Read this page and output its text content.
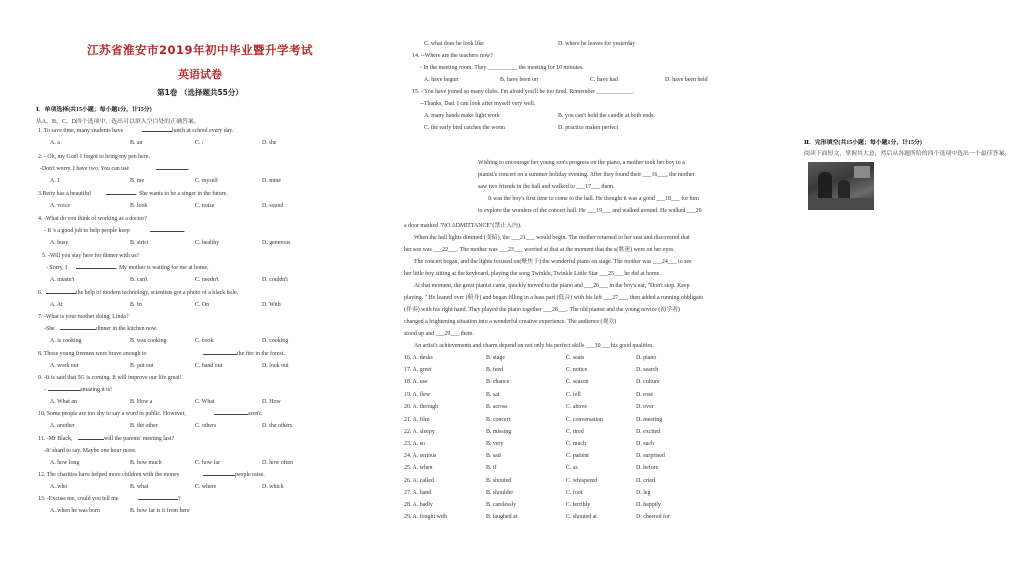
江苏省淮安市2019年初中毕业暨升学考试
英语试卷
第1卷 （选择题共55分）
Ⅰ．单项选择(共15小题；每小题1分，计15分)
从A、B、C、D四个选项中，选出可以填入空白处的正确答案。
1. To save time, many students have
2. - Oh, my God! I forgot to bring my pen here.
-Don't worry. I have two. You can use
3.Betty has a beautiful
4. -What do you think of working as a doctor?
- It 's a good job to help people keep
5. -Will you stay here for dinner with us?
- Sorry, I
6.
7. -What is your mother doing, Linda?
-She
8. Those young firemen were brave enough to
9. -It is said that 5G is coming. It will improve our life great!
-
10. Some people are too shy to say a word in public. However,
11. -Mr Black,
-It' shard to say. Maybe one hour more.
12. The charities have helped more children with the money
13. -Excuse me, could you tell me
lunch at school every day.
.
. She wants to be a singer in the future.
.
. My mother is waiting for me at home.
the help of modern technology, scientists got a photo of a black hole.
dinner in the kitchen now.
the fire in the forest.
amazing it is!
aren't.
will the parents' meeting last?
people raise.
?
A. a	B. an	C. /	D. the
A. I	B. me	C. myself	D. mine
A. voice	B. look	C. noise	D. sound
A. busy	B. strict	C. healthy	D. generous
A. mustn't	B. can't	C. needn't	D. couldn't
A. At	B. In	C. On	D. With
A. is cooking	B. was cooking	C. cook	D. cooking
A. work out	B. put out	C. hand out	D. look out
A. What an	B. How a	C. What	D. How
A. another	B. the other	C. others	D. the others
A. how long	B. how much	C. how far	D. how often
A. who	B. what	C. where	D. which
A. when he was born	B. how far is it from here
C. what does he look like	D. where he leaves for yesterday
14. --Where are the teachers now?
- In the meeting room. They __________ the meeting for 10 minutes.
A. have begun	B. have been on	C. have had	D. have been held
15. - You have joined so many clubs. I'm afraid you'll be too tired. Remember ____________.
--Thanks, Dad. I can look after myself very well.
A. many hands make light work	B. you can't hold the candle at both ends.
C. the early bird catches the worm	D. practice makes perfect
Ⅱ．完形填空(共15小题；每小题1分，计15分)
阅读下面短文，掌握其大意，然后从各题所给的四个选项中选出一个最佳答案。
Wishing to encourage her young son's progress on the piano, a mother took her boy to a
pianist's concert on a summer holiday evening. After they found their ___16___, the mother
saw two friends in the hall and walked to ___17___ them.
It was the boy's first time to come to the hall. He thought it was a good ___18___ for him
to explore the wonders of the concert hall. He ___19___ and walked around. He walked ___20
a door marked "NO ADMITTANCE"(禁止入内).
When the hall lights dimmed (变暗), the ___21___ would begin. The mother returned to her seat and discovered that
her son was ___22___. The mother was ___23___ worried at that at the moment that the s(歌迷) were on her eyes.
The concert began, and the lights focused on(聚焦于) the wonderful piano on stage. The mother was ___24___ to see
her little boy sitting at the keyboard, playing the song Twinkle, Twinkle Little Star ___25___ he did at home.
At that moment, the great pianist came, quickly moved to the piano and ___26___ in the boy's ear, "Don't stop. Keep
playing. " He leaned over (俯身) and began filling in a bass part (低音) with his left ___27___, then added a running obbligato
(伴奏) with his right hand. They played the piano together ___28___. The old pianist and the young novice (初学者)
changed a frightening situation into a wonderful creative experience. The audience (观众)
stood up and ___29___ them.
An artist's achievements and charm depend on not only his perfect skills ___30___ his good qualities.
16. A. desks	B. stage	C. seats	D. piano
17. A. greet	B. feed	C. notice	D. search
18. A. use	B. chance	C. season	D. culture
19. A. flew	B. sat	C. fell	D. rose
20. A. through	B. across	C. above	D. over
21. A. film	B. concert	C. conversation	D. meeting
22. A. sleepy	B. missing	C. tired	D. excited
23. A. so	B. very	C. much	D. such
24. A. serious	B. sad	C. patient	D. surprised
25. A. when	B. if	C. as	D. before
26. A. called	B. shouted	C. whispered	D. cried
27. A. hand	B. shoulder	C. foot	D. leg
28. A. badly	B. carelessly	C. terribly	D. happily
29. A. fought with	B. laughed at	C. shouted at	D. cheered for
